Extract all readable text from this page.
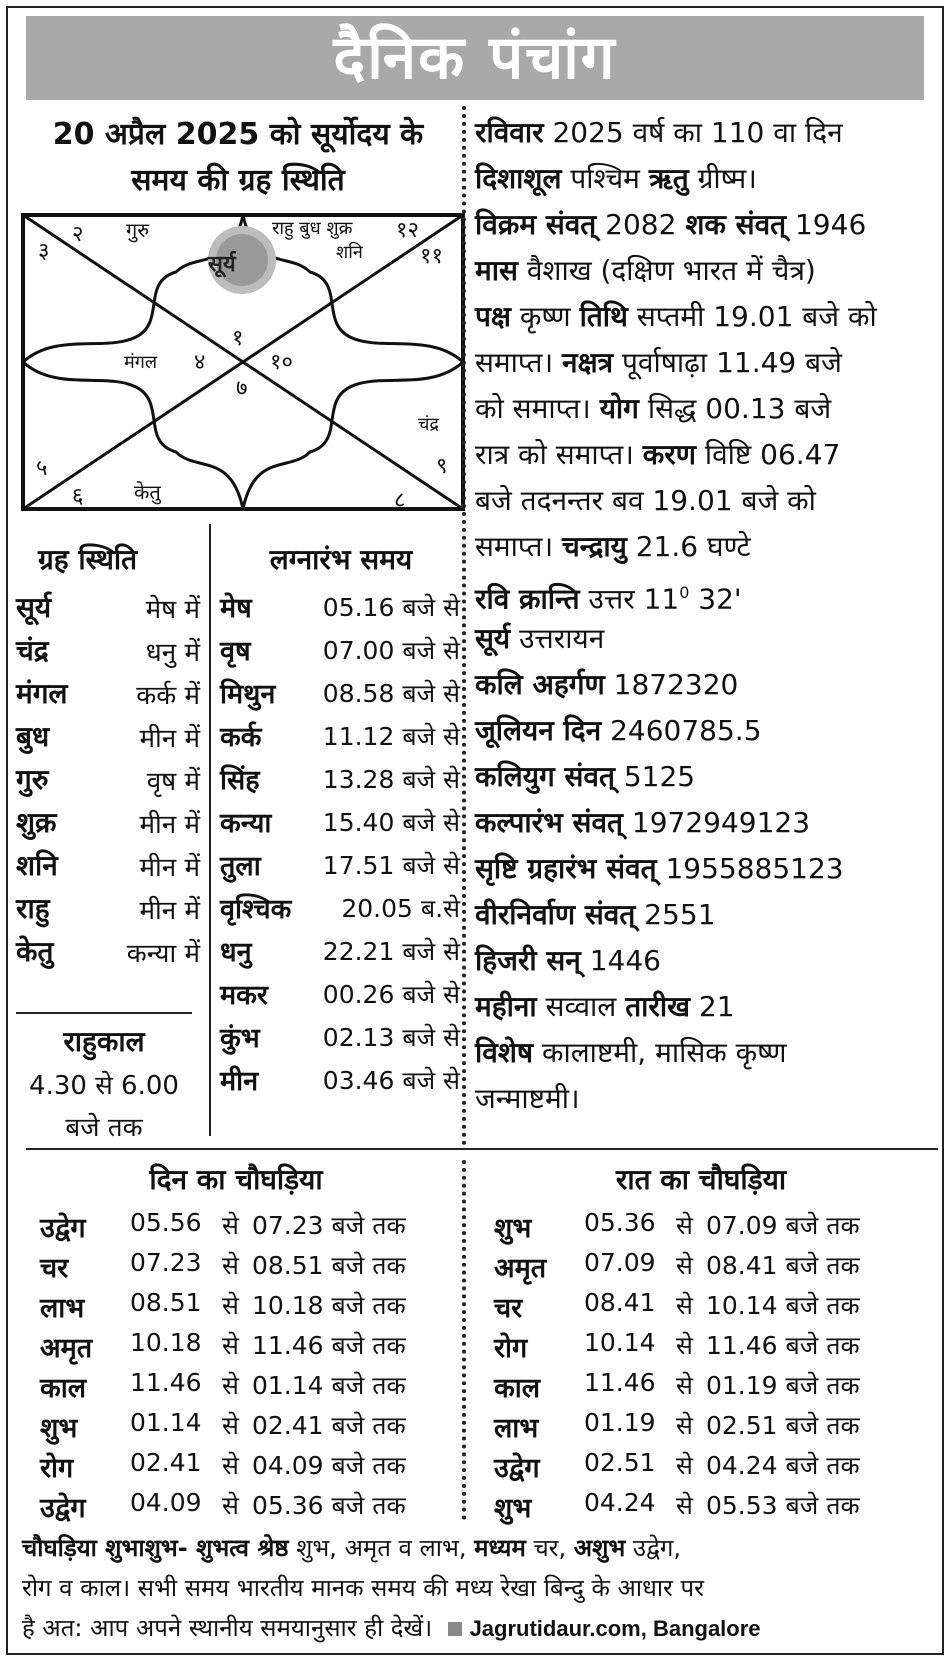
दैनिक पंचांग
20 अप्रैल 2025 को सूर्योदय के
समय की ग्रह स्थिति
३
२ गुरु	राहु बुध शुक्र १२
शनि	११
सूर्य
१
मंगल ४	१०
७
चंद्र
९
५
६	केतु	८
ग्रह स्थिति
सूर्य	मेष में
चंद्र	धनु में
मंगल	कर्क में
बुध	मीन में
गुरु	वृष में
शुक्र	मीन में
शनि	मीन में
राहु	मीन में
केतु	कन्या में
राहुकाल
4.30 से 6.00
बजे तक
लग्नारंभ समय
मेष	05.16 बजे से
वृष	07.00 बजे से
मिथुन	08.58 बजे से
कर्क	11.12 बजे से
सिंह	13.28 बजे से
कन्या	15.40 बजे से
तुला	17.51 बजे से
वृश्चिक	20.05 ब.से
धनु	22.21 बजे से
मकर	00.26 बजे से
कुंभ	02.13 बजे से
मीन	03.46 बजे से
रविवार 2025 वर्ष का 110 वा दिन
दिशाशूल पश्चिम ऋतु ग्रीष्म।
विक्रम संवत् 2082 शक संवत् 1946
मास वैशाख (दक्षिण भारत में चैत्र)
पक्ष कृष्ण तिथि सप्तमी 19.01 बजे को
समाप्त। नक्षत्र पूर्वाषाढ़ा 11.49 बजे
को समाप्त। योग सिद्ध 00.13 बजे
रात्र को समाप्त। करण विष्टि 06.47
बजे तदनन्तर बव 19.01 बजे को
समाप्त। चन्द्रायु 21.6 घण्टे
रवि क्रान्ति उत्तर $11^0$ 32'
सूर्य उत्तरायन
कलि अहर्गण 1872320
जूलियन दिन 2460785.5
कलियुग संवत् 5125
कल्पारंभ संवत् 1972949123
सृष्टि ग्रहारंभ संवत् 1955885123
वीरनिर्वाण संवत् 2551
हिजरी सन् 1446
महीना सव्वाल तारीख 21
विशेष कालाष्टमी, मासिक कृष्ण
जन्माष्टमी।
दिन का चौघड़िया	रात का चौघड़िया
उद्वेग 05.56 से 07.23 बजे तक
चर 07.23 से 08.51 बजे तक
लाभ 08.51 से 10.18 बजे तक
अमृत 10.18 से 11.46 बजे तक
काल 11.46 से 01.14 बजे तक
शुभ 01.14 से 02.41 बजे तक
रोग 02.41 से 04.09 बजे तक
उद्वेग 04.09 से 05.36 बजे तक
शुभ 05.36 से 07.09 बजे तक
अमृत 07.09 से 08.41 बजे तक
चर 08.41 से 10.14 बजे तक
रोग 10.14 से 11.46 बजे तक
काल 11.46 से 01.19 बजे तक
लाभ 01.19 से 02.51 बजे तक
उद्वेग 02.51 से 04.24 बजे तक
शुभ 04.24 से 05.53 बजे तक
चौघड़िया शुभाशुभ- शुभत्व श्रेष्ठ शुभ, अमृत व लाभ, मध्यम चर, अशुभ उद्वेग,
रोग व काल। सभी समय भारतीय मानक समय की मध्य रेखा बिन्दु के आधार पर
है अत: आप अपने स्थानीय समयानुसार ही देखें। Jagrutidaur.com, Bangalore
